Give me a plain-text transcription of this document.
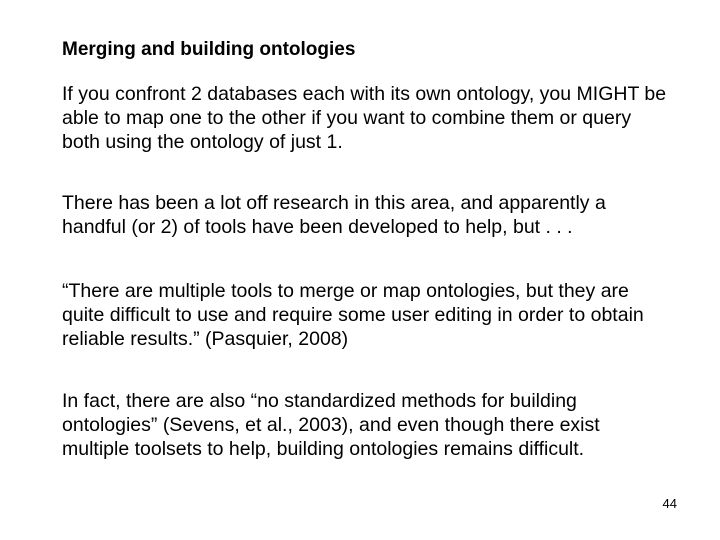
Merging and building ontologies

If you confront 2 databases each with its own ontology, you MIGHT be able to map one to the other if you want to combine them or query both using the ontology of just 1.

There has been a lot off research in this area, and apparently a handful (or 2) of tools have been developed to help, but . . .

“There are multiple tools to merge or map ontologies, but they are quite difficult to use and require some user editing in order to obtain reliable results.” (Pasquier, 2008)

In fact, there are also “no standardized methods for building ontologies” (Sevens, et al., 2003), and even though there exist multiple toolsets to help, building ontologies remains difficult.

44
